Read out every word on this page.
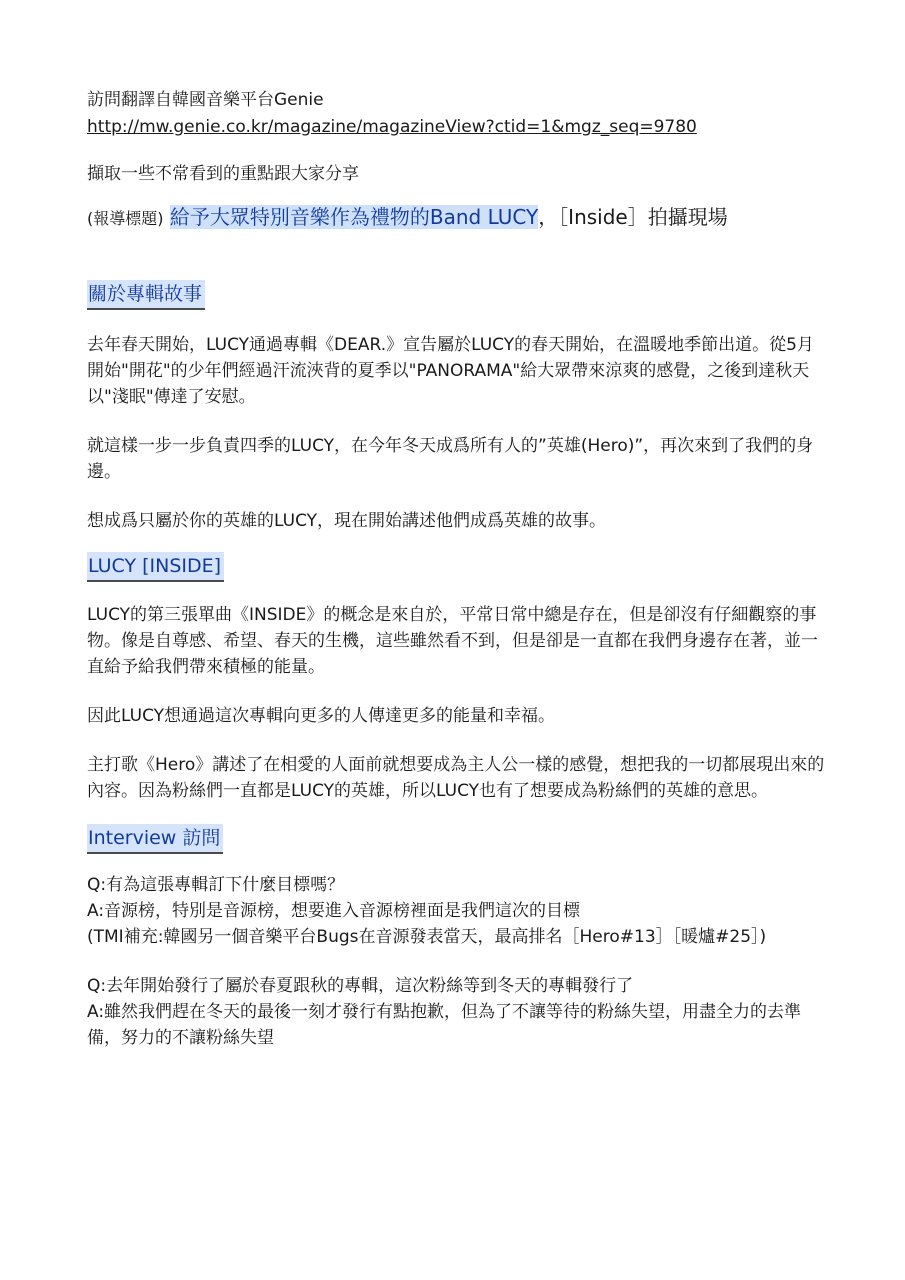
訪問翻譯自韓國音樂平台Genie

http://mw.genie.co.kr/magazine/magazineView?ctid=1&mgz_seq=9780

擷取一些不常看到的重點跟大家分享

(報導標題) 給予大眾特別音樂作為禮物的Band LUCY，［Inside］拍攝現場

關於專輯故事

去年春天開始，LUCY通過專輯《DEAR.》宣告屬於LUCY的春天開始，在溫暖地季節出道。從5月開始"開花"的少年們經過汗流浹背的夏季以"PANORAMA"給大眾帶來涼爽的感覺，之後到達秋天以"淺眠"傳達了安慰。

就這樣一步一步負責四季的LUCY，在今年冬天成爲所有人的”英雄(Hero)”，再次來到了我們的身邊。

想成爲只屬於你的英雄的LUCY，現在開始講述他們成爲英雄的故事。

LUCY [INSIDE]

LUCY的第三張單曲《INSIDE》的概念是來自於，平常日常中總是存在，但是卻沒有仔細觀察的事物。像是自尊感、希望、春天的生機，這些雖然看不到，但是卻是一直都在我們身邊存在著，並一直給予給我們帶來積極的能量。

因此LUCY想通過這次專輯向更多的人傳達更多的能量和幸福。

主打歌《Hero》講述了在相愛的人面前就想要成為主人公一樣的感覺，想把我的一切都展現出來的內容。因為粉絲們一直都是LUCY的英雄，所以LUCY也有了想要成為粉絲們的英雄的意思。

Interview 訪問

Q:有為這張專輯訂下什麼目標嗎？

A:音源榜，特別是音源榜，想要進入音源榜裡面是我們這次的目標

(TMI補充:韓國另一個音樂平台Bugs在音源發表當天，最高排名［Hero#13］［暖爐#25］)

Q:去年開始發行了屬於春夏跟秋的專輯，這次粉絲等到冬天的專輯發行了

A:雖然我們趕在冬天的最後一刻才發行有點抱歉，但為了不讓等待的粉絲失望，用盡全力的去準備，努力的不讓粉絲失望
